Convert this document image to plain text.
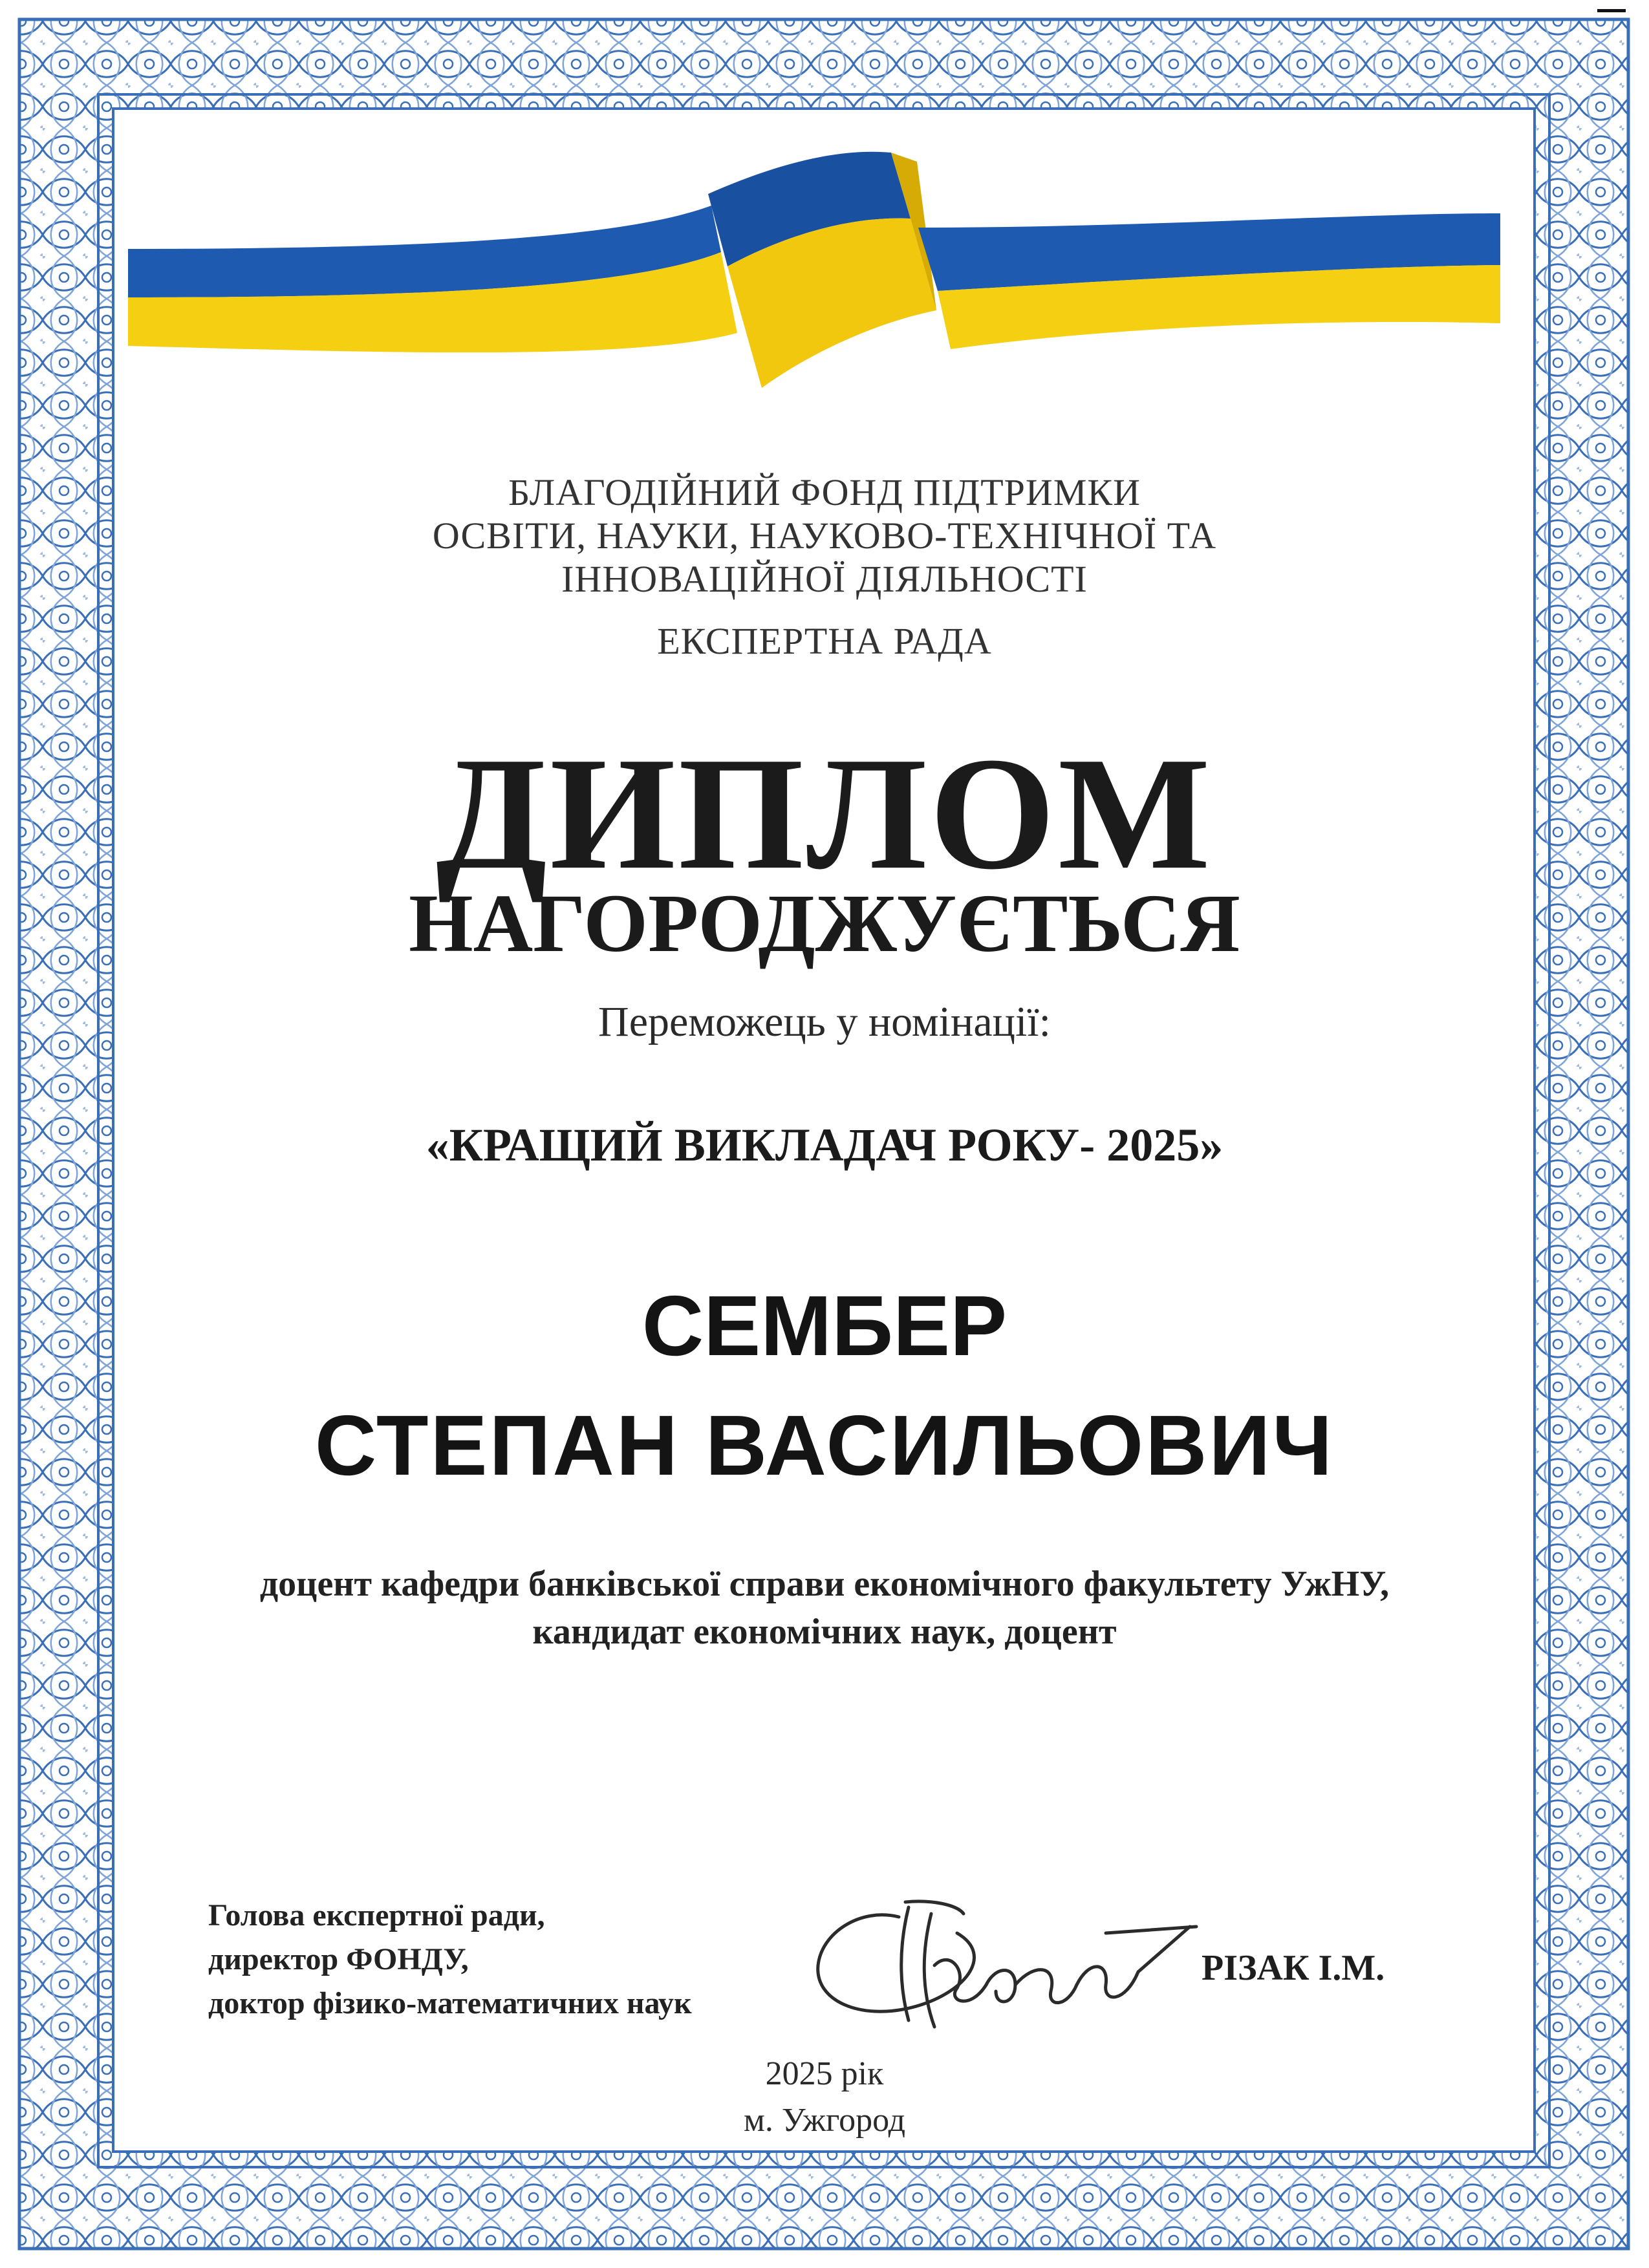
БЛАГОДІЙНИЙ ФОНД ПІДТРИМКИ
ОСВІТИ, НАУКИ, НАУКОВО-ТЕХНІЧНОЇ ТА
ІННОВАЦІЙНОЇ ДІЯЛЬНОСТІ
ЕКСПЕРТНА РАДА
ДИПЛОМ
НАГОРОДЖУЄТЬСЯ
Переможець у номінації:
«КРАЩИЙ ВИКЛАДАЧ РОКУ- 2025»
СЕМБЕР
СТЕПАН ВАСИЛЬОВИЧ
доцент кафедри банківської справи економічного факультету УжНУ,
кандидат економічних наук, доцент
Голова експертної ради,
директор ФОНДУ,
доктор фізико-математичних наук
РІЗАК І.М.
2025 рік
м. Ужгород
